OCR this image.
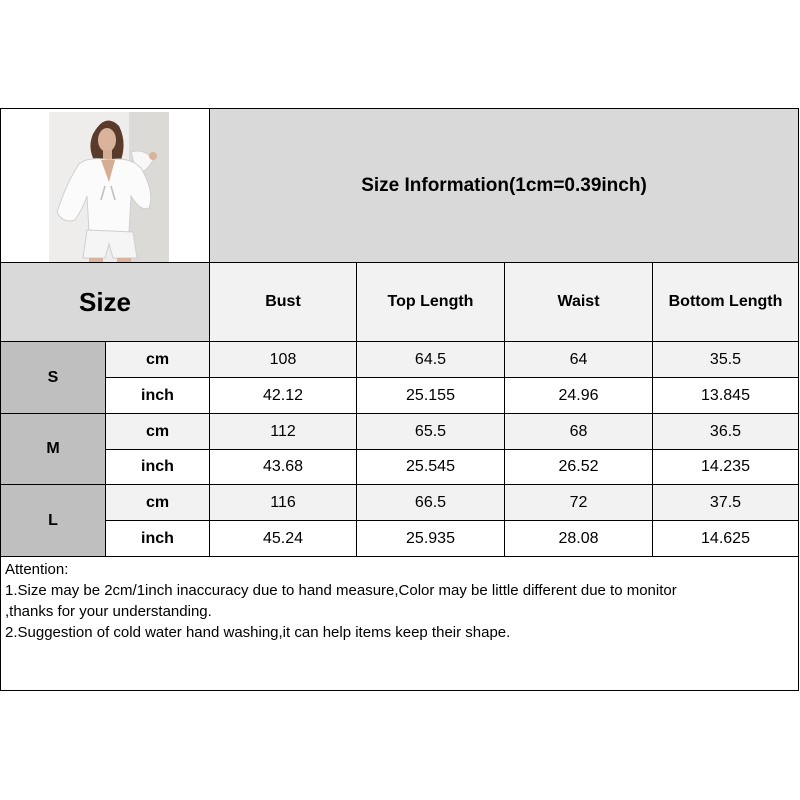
Size Information(1cm=0.39inch)
Size	Bust	Top Length	Waist	Bottom Length
S
cm	108	64.5	64	35.5
inch	42.12	25.155	24.96	13.845
M
cm	112	65.5	68	36.5
inch	43.68	25.545	26.52	14.235
L
cm	116	66.5	72	37.5
inch	45.24	25.935	28.08	14.625
Attention:
1.Size may be 2cm/1inch inaccuracy due to hand measure,Color may be little different due to monitor
,thanks for your understanding.
2.Suggestion of cold water hand washing,it can help items keep their shape.
